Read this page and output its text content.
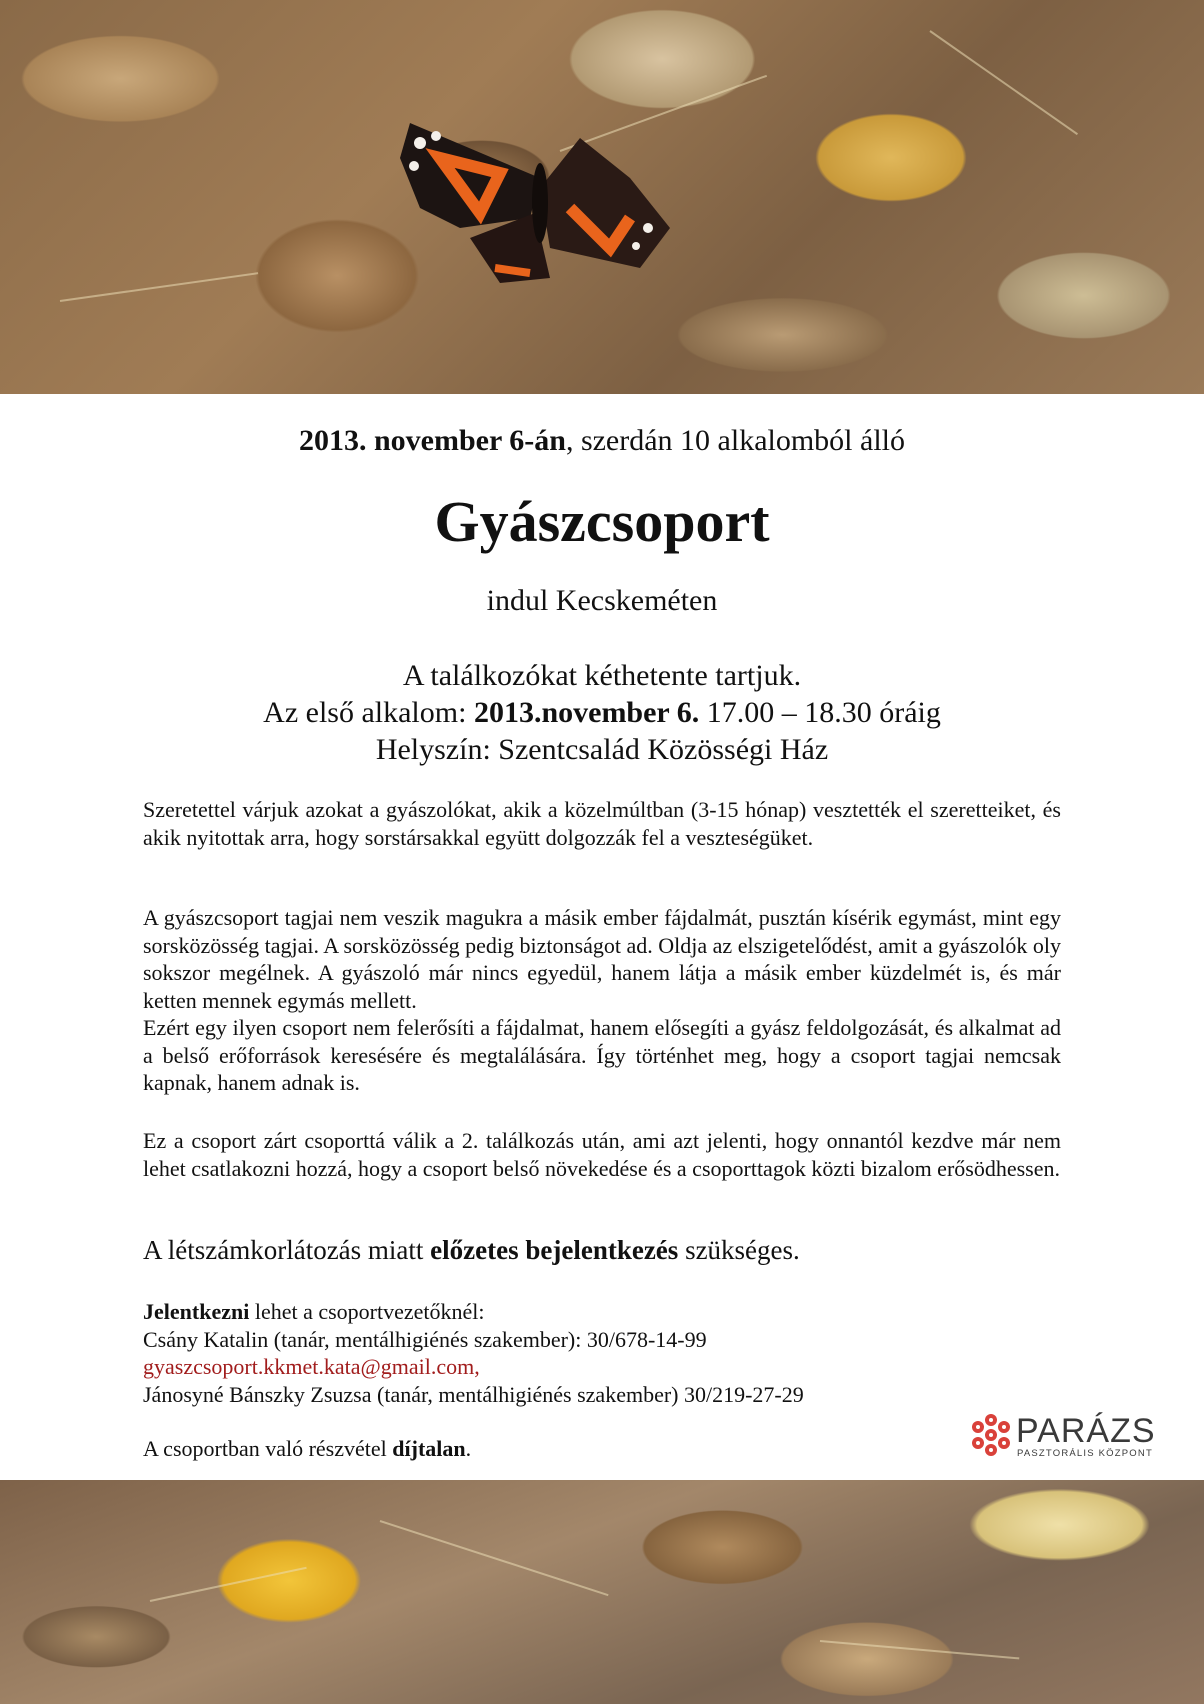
2013. november 6-án, szerdán 10 alkalomból álló
Gyászcsoport
indul Kecskeméten
A találkozókat kéthetente tartjuk.
Az első alkalom: 2013.november 6. 17.00 – 18.30 óráig
Helyszín: Szentcsalád Közösségi Ház
Szeretettel várjuk azokat a gyászolókat, akik a közelmúltban (3-15 hónap) vesztették el szeretteiket, és akik nyitottak arra, hogy sorstársakkal együtt dolgozzák fel a veszteségüket.
A gyászcsoport tagjai nem veszik magukra a másik ember fájdalmát, pusztán kísérik egymást, mint egy sorsközösség tagjai. A sorsközösség pedig biztonságot ad. Oldja az elszigetelődést, amit a gyászolók oly sokszor megélnek. A gyászoló már nincs egyedül, hanem látja a másik ember küzdelmét is, és már ketten mennek egymás mellett.
Ezért egy ilyen csoport nem felerősíti a fájdalmat, hanem elősegíti a gyász feldolgozását, és alkalmat ad a belső erőforrások keresésére és megtalálására. Így történhet meg, hogy a csoport tagjai nemcsak kapnak, hanem adnak is.
Ez a csoport zárt csoporttá válik a 2. találkozás után, ami azt jelenti, hogy onnantól kezdve már nem lehet csatlakozni hozzá, hogy a csoport belső növekedése és a csoporttagok közti bizalom erősödhessen.
A létszámkorlátozás miatt előzetes bejelentkezés szükséges.
Jelentkezni lehet a csoportvezetőknél:
Csány Katalin (tanár, mentálhigiénés szakember): 30/678-14-99
gyaszcsoport.kkmet.kata@gmail.com,
Jánosyné Bánszky Zsuzsa (tanár, mentálhigiénés szakember) 30/219-27-29
A csoportban való részvétel díjtalan.	PARÁZS
PASZTORÁLIS KÖZPONT
